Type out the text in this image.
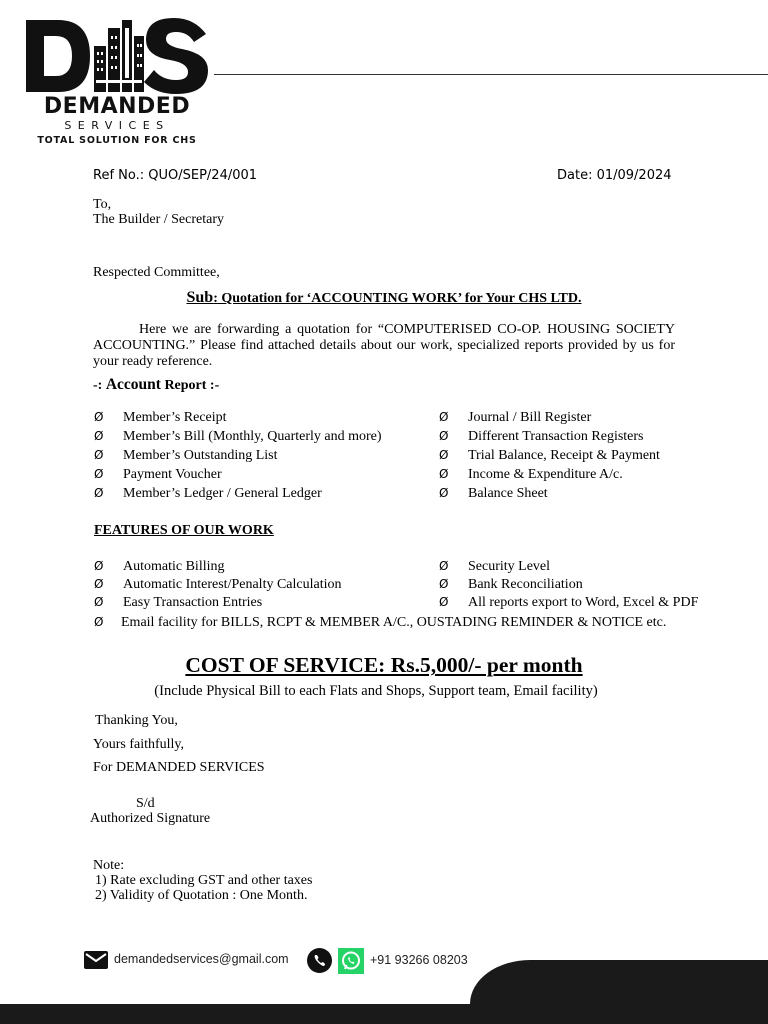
DEMANDED
SERVICES
TOTAL SOLUTION FOR CHS
Ref No.: QUO/SEP/24/001	Date: 01/09/2024
To,
The Builder / Secretary
Respected Committee,
Sub: Quotation for ‘ACCOUNTING WORK’ for Your CHS LTD.
Here we are forwarding a quotation for “COMPUTERISED CO-OP. HOUSING SOCIETY ACCOUNTING.” Please find attached details about our work, specialized reports provided by us for your ready reference.
-: Account Report :-
Ø Member’s Receipt
Ø Member’s Bill (Monthly, Quarterly and more)
Ø Member’s Outstanding List
Ø Payment Voucher
Ø Member’s Ledger / General Ledger
Ø Journal / Bill Register
Ø Different Transaction Registers
Ø Trial Balance, Receipt & Payment
Ø Income & Expenditure A/c.
Ø Balance Sheet
FEATURES OF OUR WORK
Ø Automatic Billing
Ø Automatic Interest/Penalty Calculation
Ø Easy Transaction Entries
Ø Security Level
Ø Bank Reconciliation
Ø All reports export to Word, Excel & PDF
Ø Email facility for BILLS, RCPT & MEMBER A/C., OUSTADING REMINDER & NOTICE etc.
COST OF SERVICE: Rs.5,000/- per month
(Include Physical Bill to each Flats and Shops, Support team, Email facility)
Thanking You,
Yours faithfully,
For DEMANDED SERVICES
S/d
Authorized Signature
Note:
1) Rate excluding GST and other taxes
2) Validity of Quotation : One Month.
demandedservices@gmail.com	+91 93266 08203
